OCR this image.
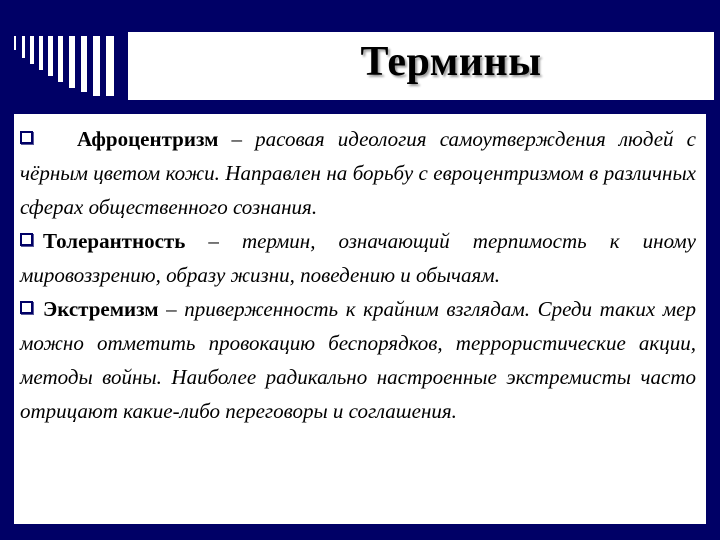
Термины

Афроцентризм – расовая идеология самоутверждения людей с чёрным цветом кожи. Направлен на борьбу с евроцентризмом в различных сферах общественного сознания.

Толерантность – термин, означающий терпимость к иному мировоззрению, образу жизни, поведению и обычаям.

Экстремизм – приверженность к крайним взглядам. Среди таких мер можно отметить провокацию беспорядков, террористические акции, методы войны. Наиболее радикально настроенные экстремисты часто отрицают какие-либо переговоры и соглашения.
